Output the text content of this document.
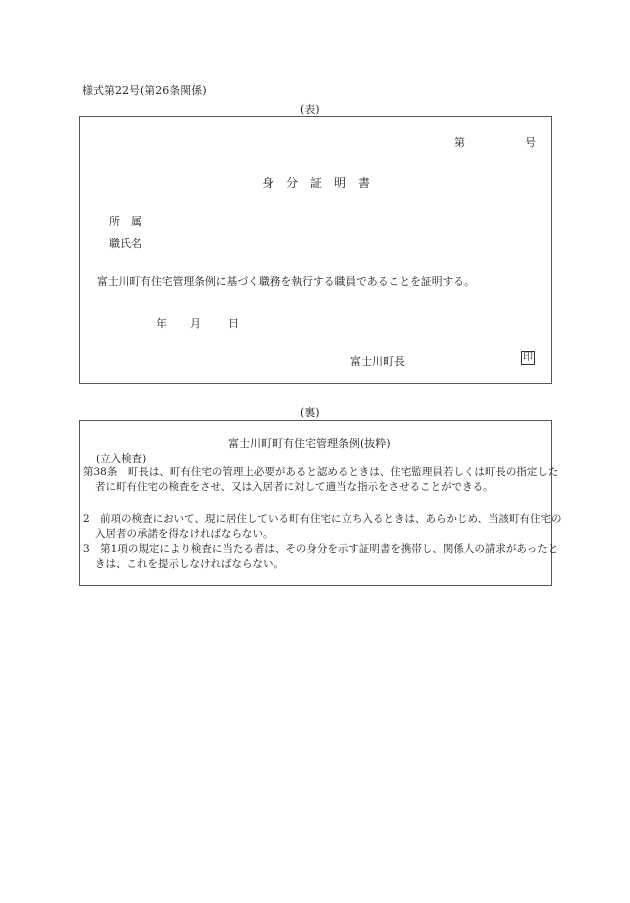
様式第22号(第26条関係)
(表)
第	号
身　分　証　明　書
所　属
職氏名
富士川町有住宅管理条例に基づく職務を執行する職員であることを証明する。
年 月 日
富士川町長	印
(裏)
富士川町町有住宅管理条例(抜粋)
(立入検査)
第38条　町長は、町有住宅の管理上必要があると認めるときは、住宅監理員若しくは町長の指定した者に町有住宅の検査をさせ、又は入居者に対して適当な指示をさせることができる。
2　前項の検査において、現に居住している町有住宅に立ち入るときは、あらかじめ、当該町有住宅の入居者の承諾を得なければならない。
3　第1項の規定により検査に当たる者は、その身分を示す証明書を携帯し、関係人の請求があったときは、これを提示しなければならない。
